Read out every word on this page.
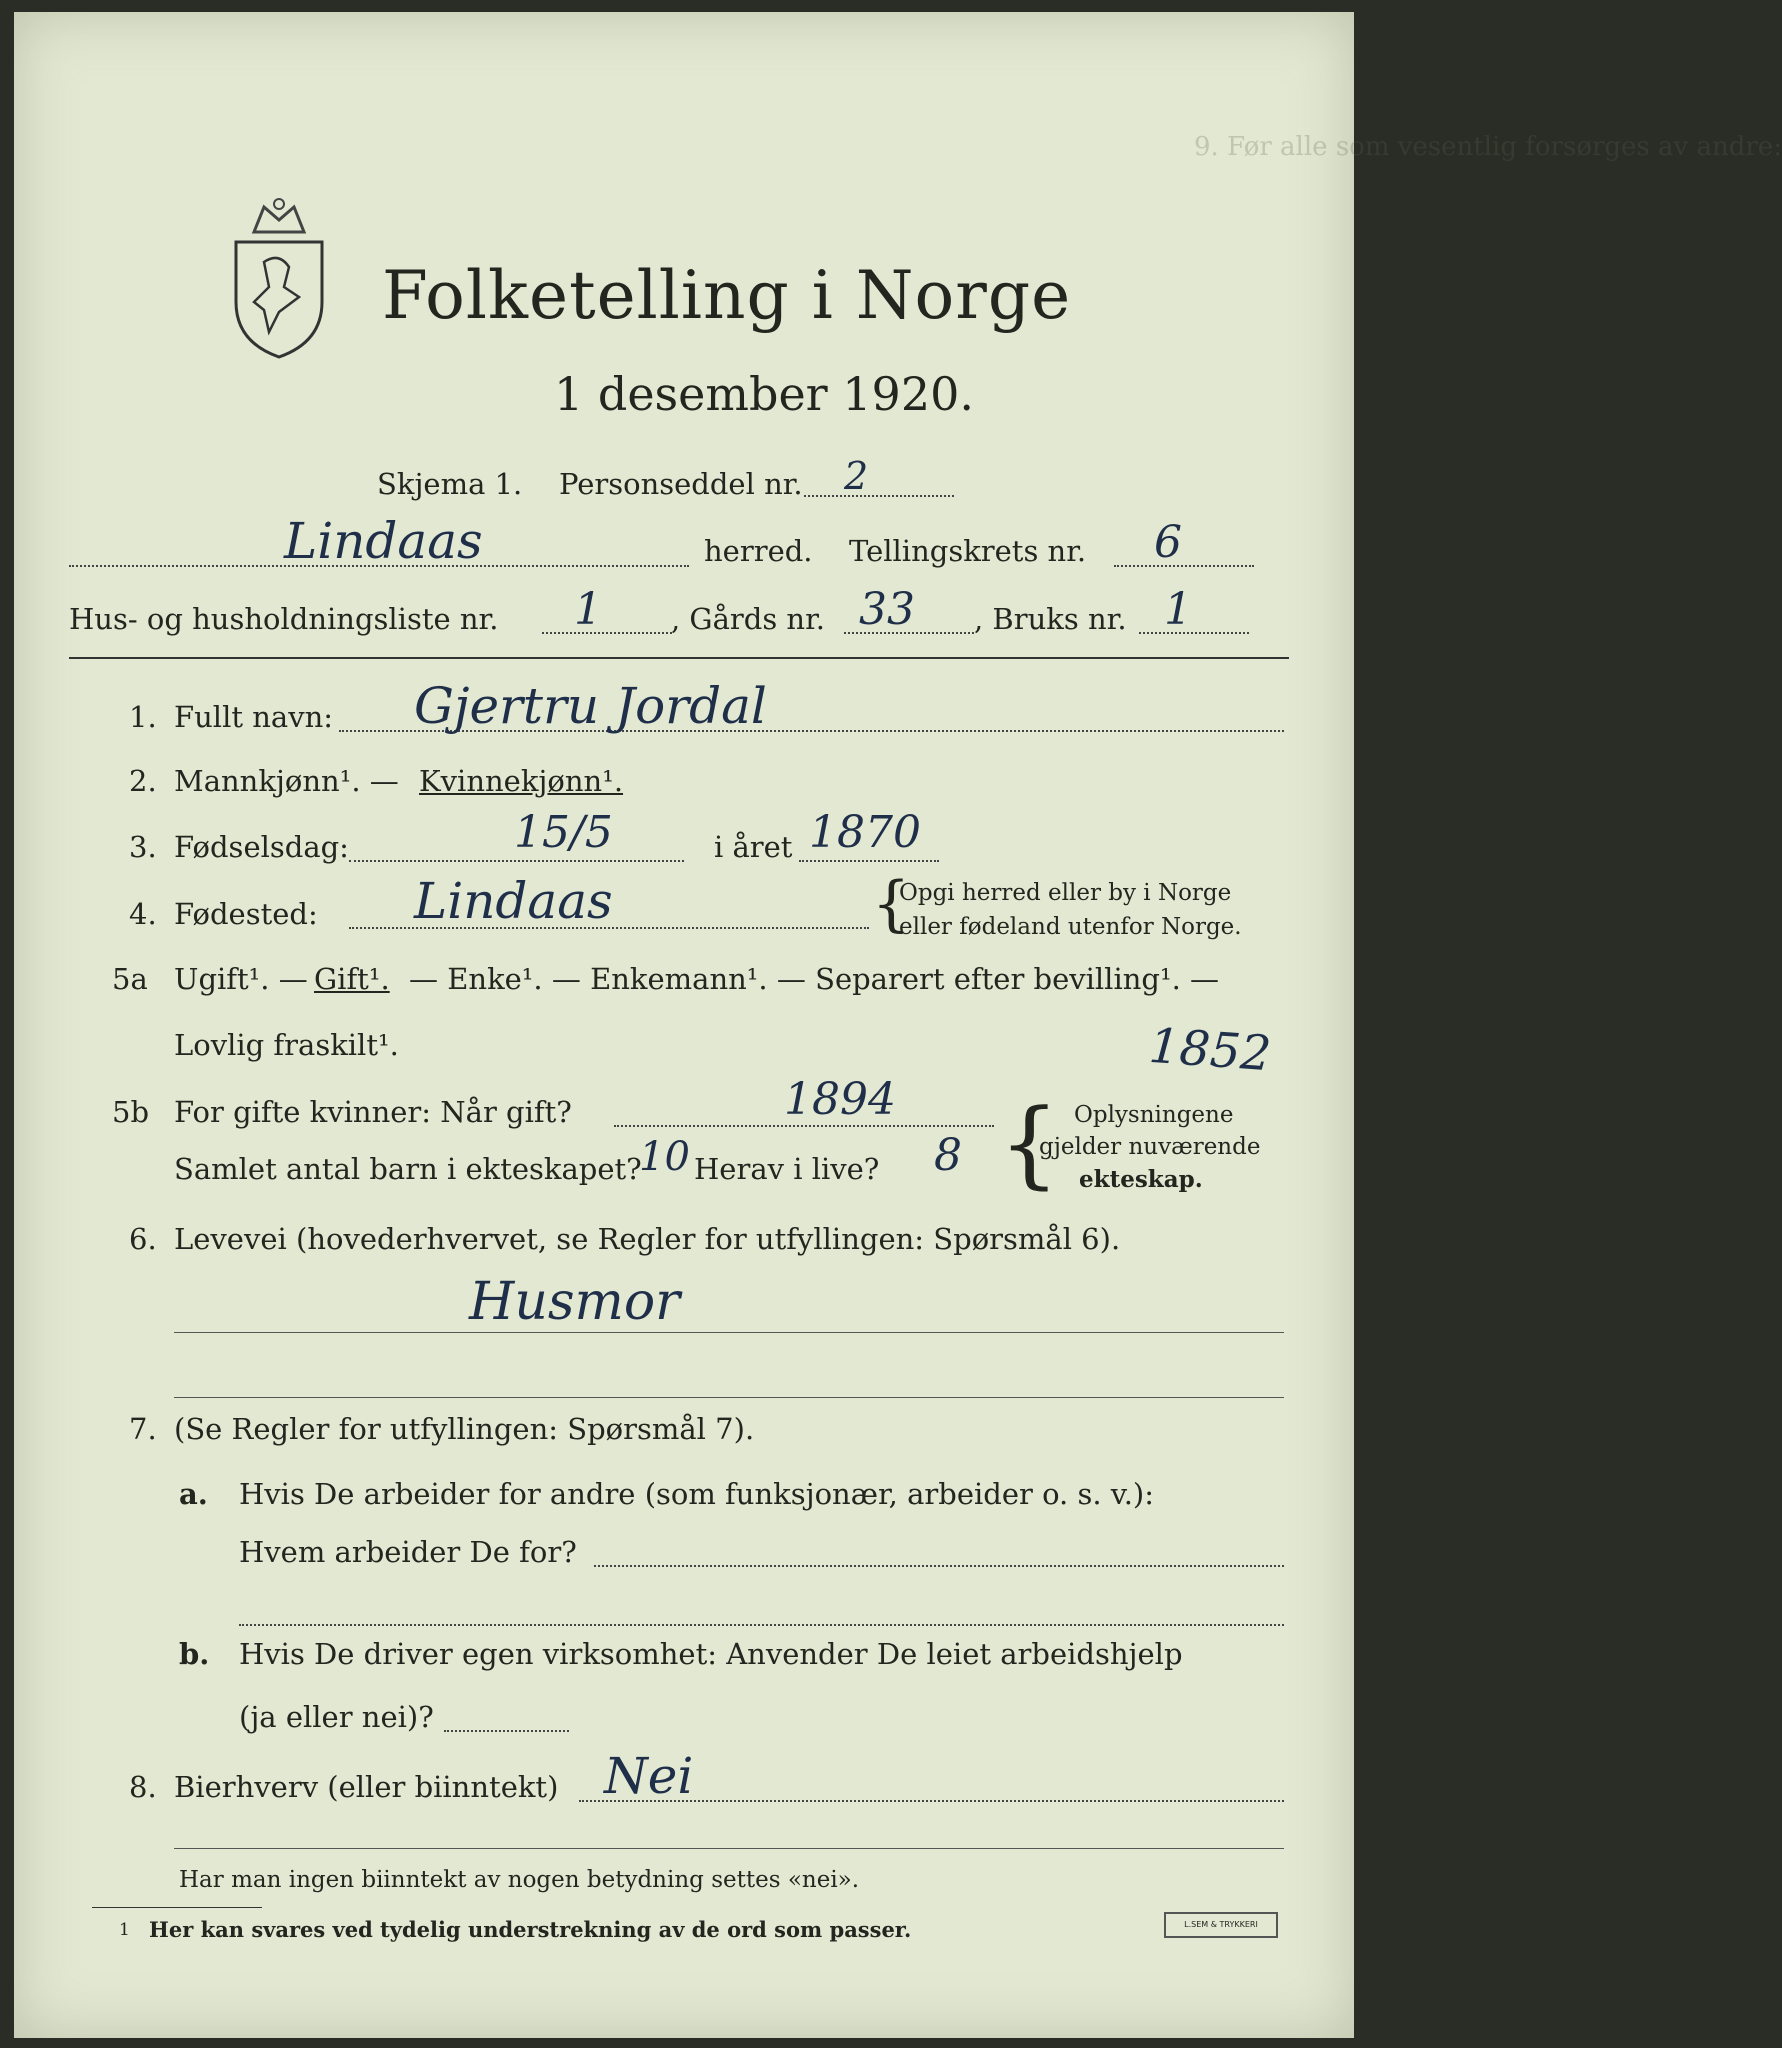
9. Før alle som vesentlig forsørges av andre:
Folketelling i Norge
1 desember 1920.
Skjema 1. Personseddel nr. 2
Lindaas	herred. Tellingskrets nr. 6
Hus- og husholdningsliste nr. 1 , Gårds nr. 33 , Bruks nr. 1
1. Fullt navn: Gjertru Jordal
2. Mannkjønn¹. — Kvinnekjønn¹.
3. Fødselsdag:	15/5	i året 1870
4. Fødested: Lindaas	{
Opgi herred eller by i Norge
eller fødeland utenfor Norge.
5a Ugift¹. — Gift¹. — Enke¹. — Enkemann¹. — Separert efter bevilling¹. —
Lovlig fraskilt¹.	1852
5b For gifte kvinner: Når gift?	1894
Samlet antal barn i ekteskapet?
10 Herav i live? 8 { Oplysningene
gjelder nuværende
ekteskap.
6. Levevei (hovederhvervet, se Regler for utfyllingen: Spørsmål 6).
Husmor
7. (Se Regler for utfyllingen: Spørsmål 7).
a. Hvis De arbeider for andre (som funksjonær, arbeider o. s. v.):
Hvem arbeider De for?
b. Hvis De driver egen virksomhet: Anvender De leiet arbeidshjelp
(ja eller nei)?
8. Bierhverv (eller biinntekt) Nei
Har man ingen biinntekt av nogen betydning settes «nei».
1 Her kan svares ved tydelig understrekning av de ord som passer.	L.SEM & TRYKKERI
